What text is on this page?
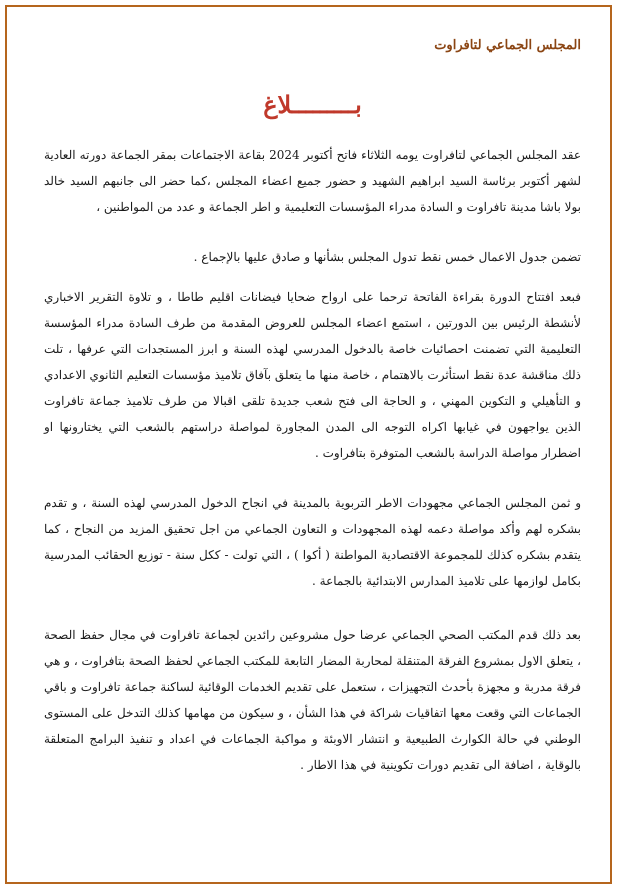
المجلس الجماعي لتافراوت
بـــــــــلاغ

عقد المجلس الجماعي لتافراوت يومه الثلاثاء فاتح أكتوبر 2024 بقاعة الاجتماعات بمقر الجماعة دورته العادية لشهر أكتوبر برئاسة السيد ابراهيم الشهيد و حضور جميع اعضاء المجلس ،كما حضر الى جانبهم السيد خالد بولا باشا مدينة تافراوت و السادة مدراء المؤسسات التعليمية و اطر الجماعة و عدد من المواطنين ،

تضمن جدول الاعمال خمس نقط تدول المجلس بشأنها و صادق عليها بالإجماع .

فبعد افتتاح الدورة بقراءة الفاتحة ترحما على ارواح ضحايا فيضانات اقليم طاطا ، و تلاوة التقرير الاخباري لأنشطة الرئيس بين الدورتين ، استمع اعضاء المجلس للعروض المقدمة من طرف السادة مدراء المؤسسة التعليمية التي تضمنت احصائيات خاصة بالدخول المدرسي لهذه السنة و ابرز المستجدات التي عرفها ، تلت ذلك مناقشة عدة نقط استأثرت بالاهتمام ، خاصة منها ما يتعلق بآفاق تلاميذ مؤسسات التعليم الثانوي الاعدادي و التأهيلي و التكوين المهني ، و الحاجة الى فتح شعب جديدة تلقى اقبالا من طرف تلاميذ جماعة تافراوت الذين يواجهون في غيابها اكراه التوجه الى المدن المجاورة لمواصلة دراستهم بالشعب التي يختارونها او اضطرار مواصلة الدراسة بالشعب المتوفرة بتافراوت .

و ثمن المجلس الجماعي مجهودات الاطر التربوية بالمدينة في انجاح الدخول المدرسي لهذه السنة ، و تقدم بشكره لهم وأكد مواصلة دعمه لهذه المجهودات و التعاون الجماعي من اجل تحقيق المزيد من النجاح ، كما يتقدم بشكره كذلك للمجموعة الاقتصادية المواطنة ( أكوا ) ، التي تولت - ككل سنة - توزيع الحقائب المدرسية بكامل لوازمها على تلاميذ المدارس الابتدائية بالجماعة .

بعد ذلك قدم المكتب الصحي الجماعي عرضا حول مشروعين رائدين لجماعة تافراوت في مجال حفظ الصحة ، يتعلق الاول بمشروع الفرقة المتنقلة لمحاربة المضار التابعة للمكتب الجماعي لحفظ الصحة بتافراوت ، و هي فرقة مدربة و مجهزة بأحدث التجهيزات ، ستعمل على تقديم الخدمات الوقائية لساكنة جماعة تافراوت و باقي الجماعات التي وقعت معها اتفاقيات شراكة في هذا الشأن ، و سيكون من مهامها كذلك التدخل على المستوى الوطني في حالة الكوارث الطبيعية و انتشار الاوبئة و مواكبة الجماعات في اعداد و تنفيذ البرامج المتعلقة بالوقاية ، اضافة الى تقديم دورات تكوينية في هذا الاطار .
